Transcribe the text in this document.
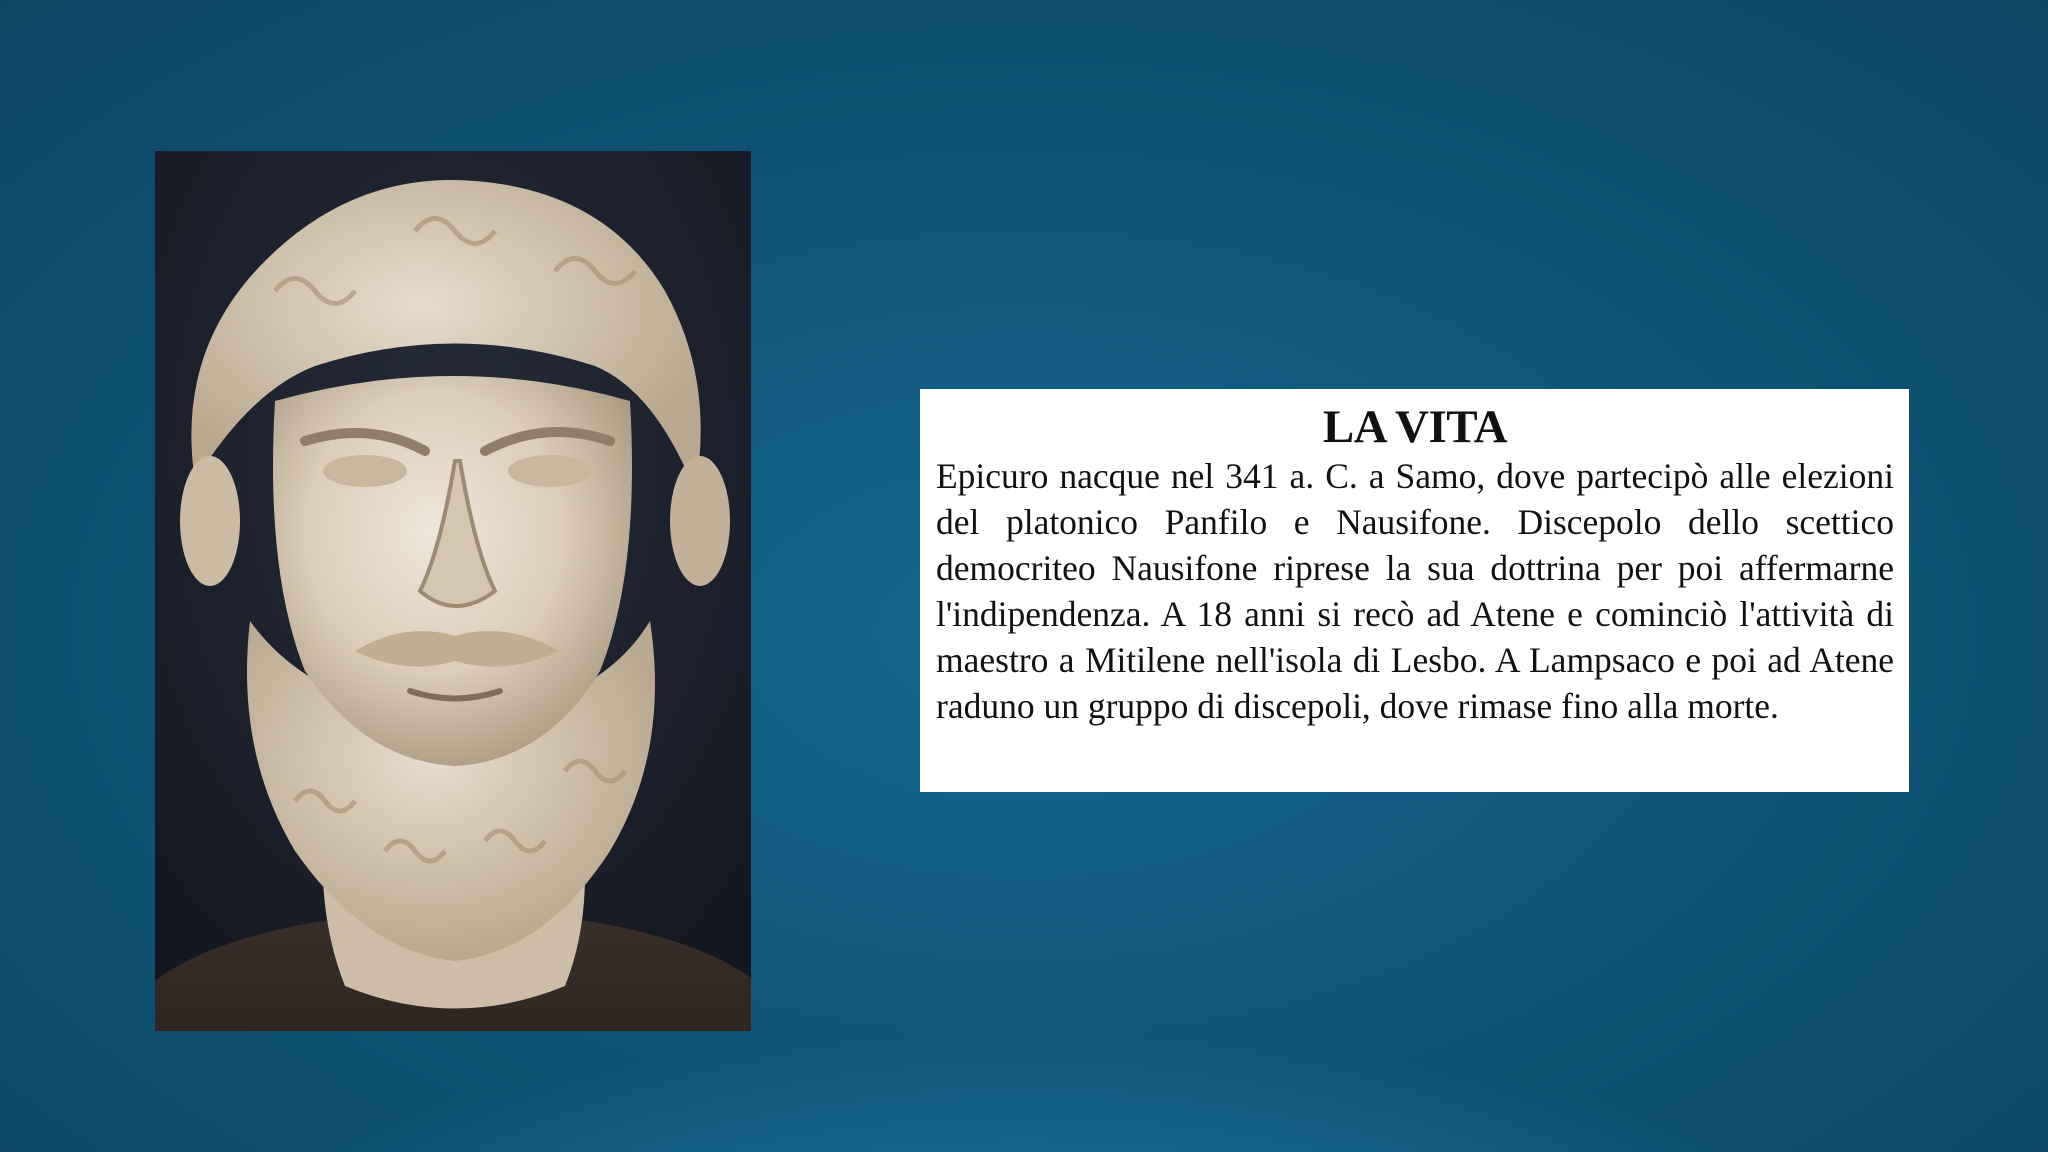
LA VITA

Epicuro nacque nel 341 a. C. a Samo, dove partecipò alle elezioni del platonico Panfilo e Nausifone. Discepolo dello scettico democriteo Nausifone riprese la sua dottrina per poi affermarne l'indipendenza. A 18 anni si recò ad Atene e cominciò l'attività di maestro a Mitilene nell'isola di Lesbo. A Lampsaco e poi ad Atene raduno un gruppo di discepoli, dove rimase fino alla morte.
